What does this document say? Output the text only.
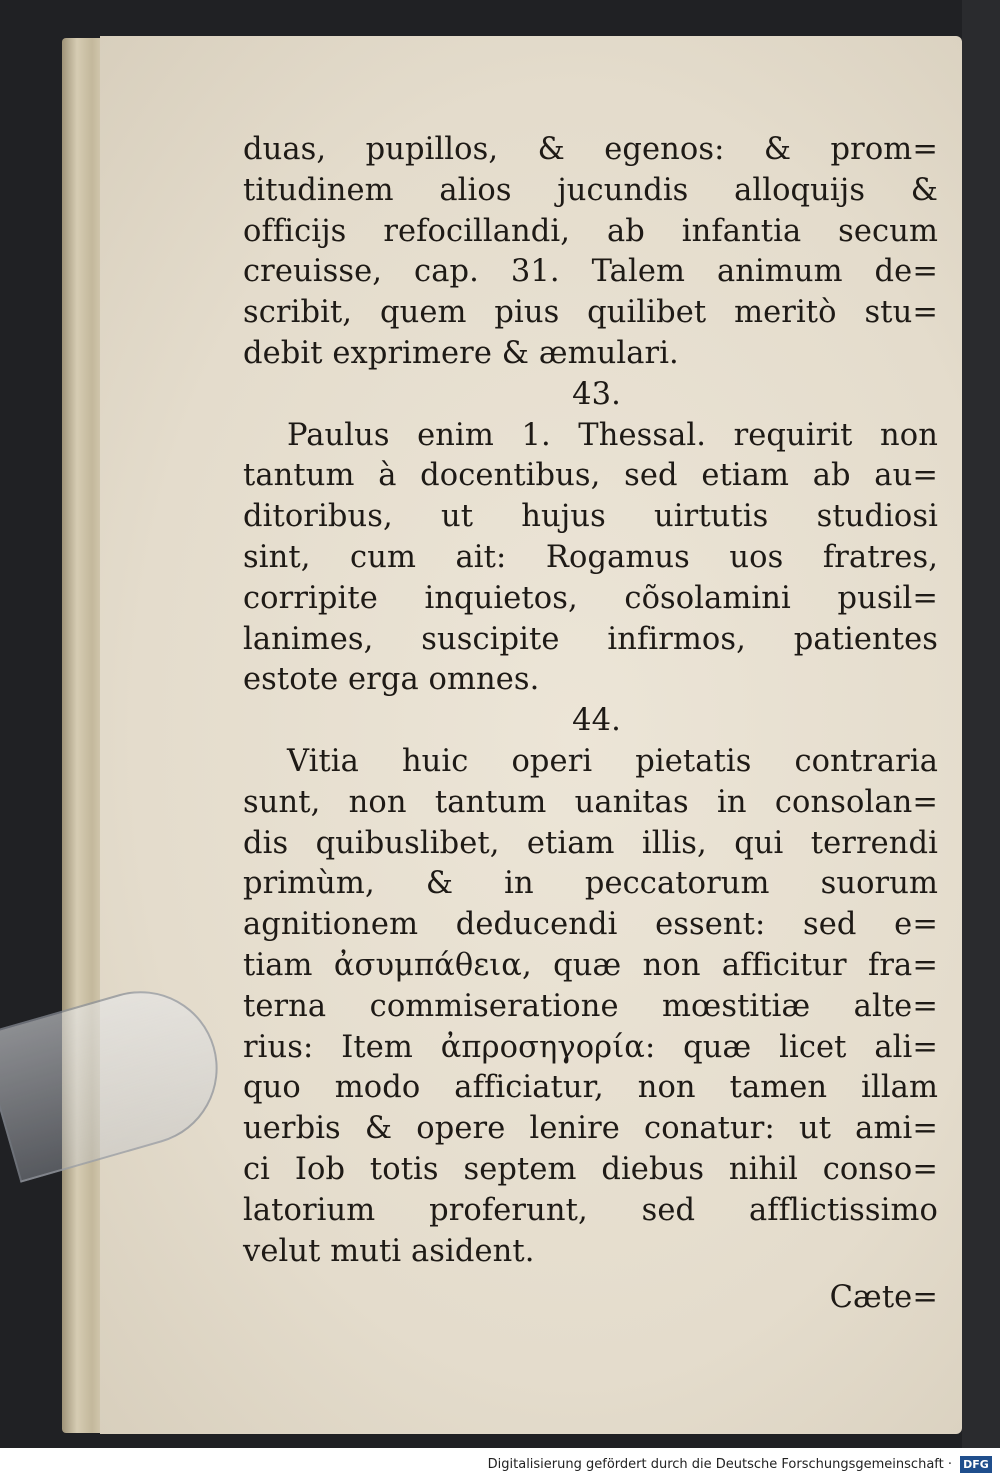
duas, pupillos, & egenos: & prom=
titudinem alios jucundis alloquijs &
officijs refocillandi, ab infantia secum
creuisse, cap. 31. Talem animum de=
scribit, quem pius quilibet meritò stu=
debit exprimere & æmulari.
43.
Paulus enim 1. Thessal. requirit non
tantum à docentibus, sed etiam ab au=
ditoribus, ut hujus uirtutis studiosi
sint, cum ait: Rogamus uos fratres,
corripite inquietos, cõsolamini pusil=
lanimes, suscipite infirmos, patientes
estote erga omnes.
44.
Vitia huic operi pietatis contraria
sunt, non tantum uanitas in consolan=
dis quibuslibet, etiam illis, qui terrendi
primùm, & in peccatorum suorum
agnitionem deducendi essent: sed e=
tiam ἀσυμπάθεια, quæ non afficitur fra=
terna commiseratione mœstitiæ alte=
rius: Item ἀπροσηγορία: quæ licet ali=
quo modo afficiatur, non tamen illam
uerbis & opere lenire conatur: ut ami=
ci Iob totis septem diebus nihil conso=
latorium proferunt, sed afflictissimo
velut muti asident.
Cæte=
Digitalisierung gefördert durch die Deutsche Forschungsgemeinschaft · DFG
